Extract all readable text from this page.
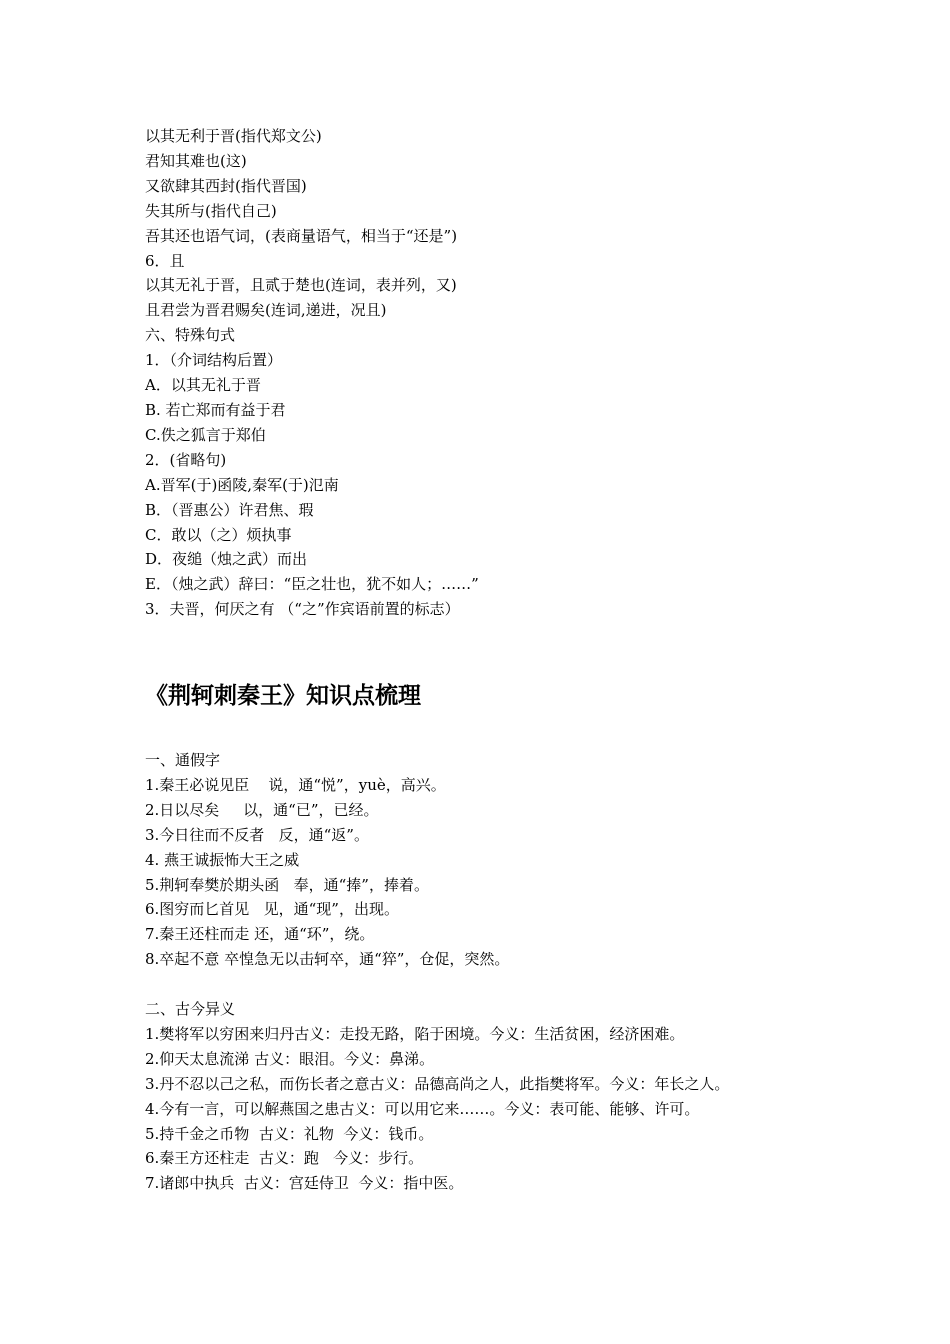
以其无利于晋(指代郑文公)
君知其难也(这)
又欲肆其西封(指代晋国)
失其所与(指代自己)
吾其还也语气词，(表商量语气，相当于“还是”)
6．且
以其无礼于晋，且贰于楚也(连词，表并列，又)
且君尝为晋君赐矣(连词,递进，况且)
六、特殊句式
1．（介词结构后置）
A．以其无礼于晋
B. 若亡郑而有益于君
C.佚之狐言于郑伯
2．(省略句)
A.晋军(于)函陵,秦军(于)氾南
B．（晋惠公）许君焦、瑕
C．敢以（之）烦执事
D．夜缒（烛之武）而出
E．（烛之武）辞曰：“臣之壮也，犹不如人；……”
3．夫晋，何厌之有 （“之”作宾语前置的标志）
《荆轲刺秦王》知识点梳理
一、通假字
1.秦王必说见臣    说，通“悦”，yuè，高兴。
2.日以尽矣     以，通“已”，已经。
3.今日往而不反者   反，通“返”。
4. 燕王诚振怖大王之威
5.荆轲奉樊於期头函   奉，通“捧”，捧着。
6.图穷而匕首见   见，通“现”，出现。
7.秦王还柱而走 还，通“环”，绕。
8.卒起不意 卒惶急无以击轲卒，通“猝”，仓促，突然。
二、古今异义
1.樊将军以穷困来归丹古义：走投无路，陷于困境。今义：生活贫困，经济困难。
2.仰天太息流涕 古义：眼泪。今义：鼻涕。
3.丹不忍以己之私，而伤长者之意古义：品德高尚之人，此指樊将军。今义：年长之人。
4.今有一言，可以解燕国之患古义：可以用它来……。今义：表可能、能够、许可。
5.持千金之币物  古义：礼物  今义：钱币。
6.秦王方还柱走  古义：跑   今义：步行。
7.诸郎中执兵  古义：宫廷侍卫  今义：指中医。
